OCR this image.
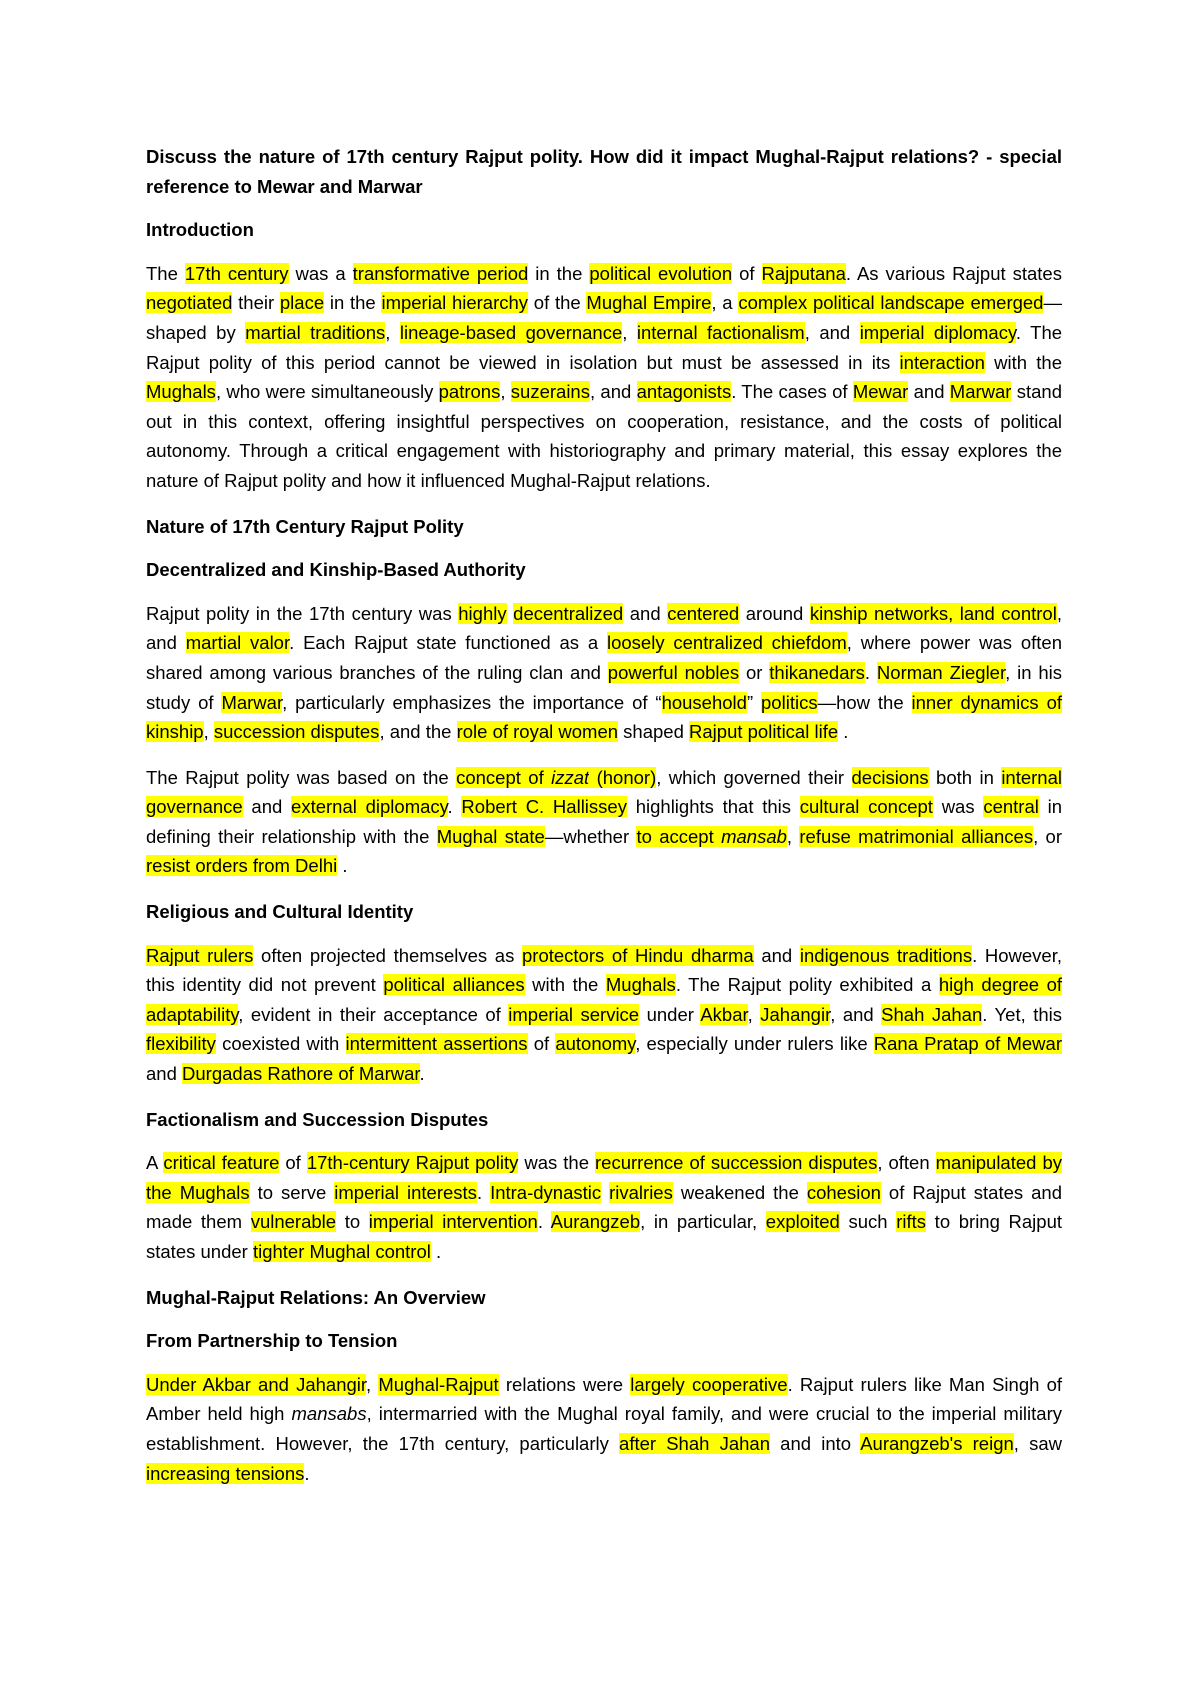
Discuss the nature of 17th century Rajput polity. How did it impact Mughal-Rajput relations? - special reference to Mewar and Marwar

Introduction

The 17th century was a transformative period in the political evolution of Rajputana. As various Rajput states negotiated their place in the imperial hierarchy of the Mughal Empire, a complex political landscape emerged—shaped by martial traditions, lineage-based governance, internal factionalism, and imperial diplomacy. The Rajput polity of this period cannot be viewed in isolation but must be assessed in its interaction with the Mughals, who were simultaneously patrons, suzerains, and antagonists. The cases of Mewar and Marwar stand out in this context, offering insightful perspectives on cooperation, resistance, and the costs of political autonomy. Through a critical engagement with historiography and primary material, this essay explores the nature of Rajput polity and how it influenced Mughal-Rajput relations.

Nature of 17th Century Rajput Polity
Decentralized and Kinship-Based Authority

Rajput polity in the 17th century was highly decentralized and centered around kinship networks, land control, and martial valor. Each Rajput state functioned as a loosely centralized chiefdom, where power was often shared among various branches of the ruling clan and powerful nobles or thikanedars. Norman Ziegler, in his study of Marwar, particularly emphasizes the importance of “household” politics—how the inner dynamics of kinship, succession disputes, and the role of royal women shaped Rajput political life .

The Rajput polity was based on the concept of izzat (honor), which governed their decisions both in internal governance and external diplomacy. Robert C. Hallissey highlights that this cultural concept was central in defining their relationship with the Mughal state—whether to accept mansab, refuse matrimonial alliances, or resist orders from Delhi .

Religious and Cultural Identity

Rajput rulers often projected themselves as protectors of Hindu dharma and indigenous traditions. However, this identity did not prevent political alliances with the Mughals. The Rajput polity exhibited a high degree of adaptability, evident in their acceptance of imperial service under Akbar, Jahangir, and Shah Jahan. Yet, this flexibility coexisted with intermittent assertions of autonomy, especially under rulers like Rana Pratap of Mewar and Durgadas Rathore of Marwar.

Factionalism and Succession Disputes

A critical feature of 17th-century Rajput polity was the recurrence of succession disputes, often manipulated by the Mughals to serve imperial interests. Intra-dynastic rivalries weakened the cohesion of Rajput states and made them vulnerable to imperial intervention. Aurangzeb, in particular, exploited such rifts to bring Rajput states under tighter Mughal control .

Mughal-Rajput Relations: An Overview
From Partnership to Tension

Under Akbar and Jahangir, Mughal-Rajput relations were largely cooperative. Rajput rulers like Man Singh of Amber held high mansabs, intermarried with the Mughal royal family, and were crucial to the imperial military establishment. However, the 17th century, particularly after Shah Jahan and into Aurangzeb's reign, saw increasing tensions.
